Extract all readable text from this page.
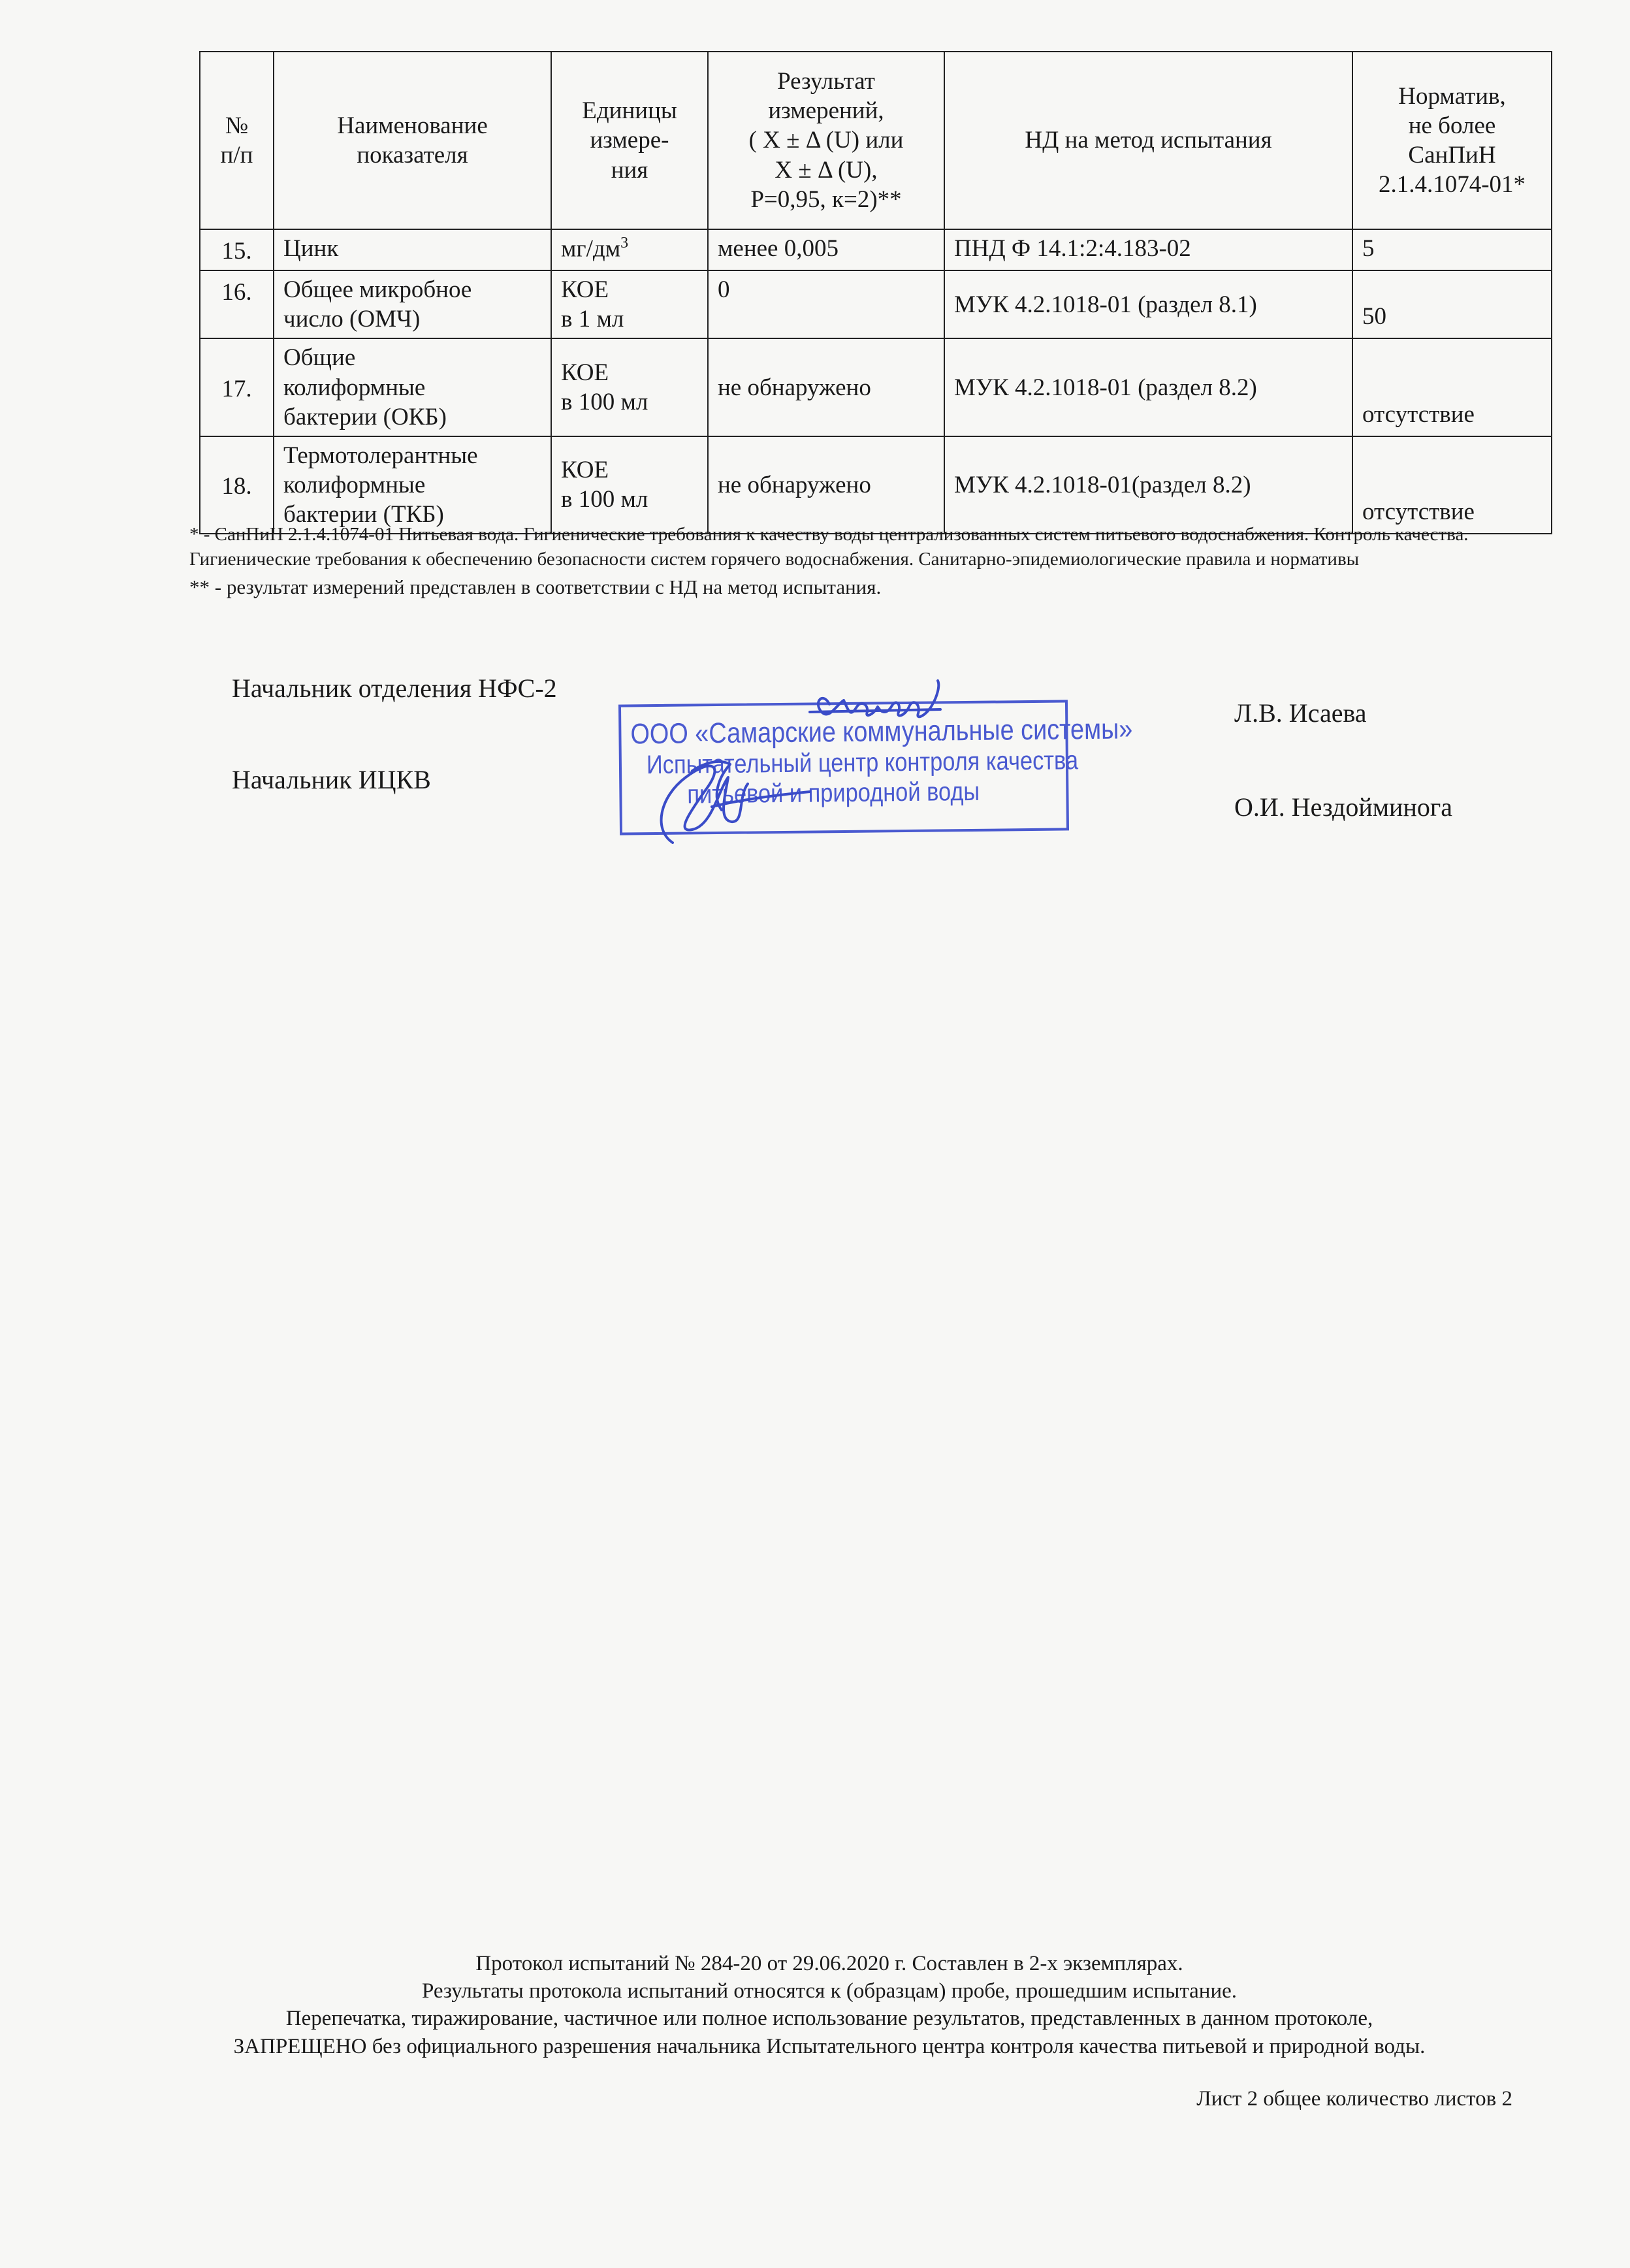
№
п/п	Наименование
показателя	Единицы
измере-
ния	Результат
измерений,
( X ± Δ (U) или
X ± Δ (U),
Р=0,95, к=2)**	НД на метод испытания	Норматив,
не более
СанПиН
2.1.4.1074-01*
15.	Цинк	$мг/дм^3$	менее 0,005	ПНД Ф 14.1:2:4.183-02	5
16.	Общее микробное
число (ОМЧ)	КОЕ
в 1 мл	0	МУК 4.2.1018-01 (раздел 8.1)	50
17.	Общие
колиформные
бактерии (ОКБ)	КОЕ
в 100 мл	не обнаружено	МУК 4.2.1018-01 (раздел 8.2)	отсутствие
18.	Термотолерантные
колиформные
бактерии (ТКБ)	КОЕ
в 100 мл	не обнаружено	МУК 4.2.1018-01(раздел 8.2)	отсутствие

* - СанПиН 2.1.4.1074-01 Питьевая вода. Гигиенические требования к качеству воды централизованных систем питьевого водоснабжения. Контроль качества.

Гигиенические требования к обеспечению безопасности систем горячего водоснабжения. Санитарно-эпидемиологические правила и нормативы

** - результат измерений представлен в соответствии с НД на метод испытания.

Начальник отделения НФС-2
Л.В. Исаева
Начальник ИЦКВ
О.И. Нездойминога
ООО «Самарские коммунальные системы»
Испытательный центр контроля качества
питьевой и природной воды

Протокол испытаний № 284-20 от 29.06.2020 г. Составлен в 2-х экземплярах.

Результаты протокола испытаний относятся к (образцам) пробе, прошедшим испытание.

Перепечатка, тиражирование, частичное или полное использование результатов, представленных в данном протоколе,

ЗАПРЕЩЕНО без официального разрешения начальника Испытательного центра контроля качества питьевой и природной воды.

Лист 2 общее количество листов 2
